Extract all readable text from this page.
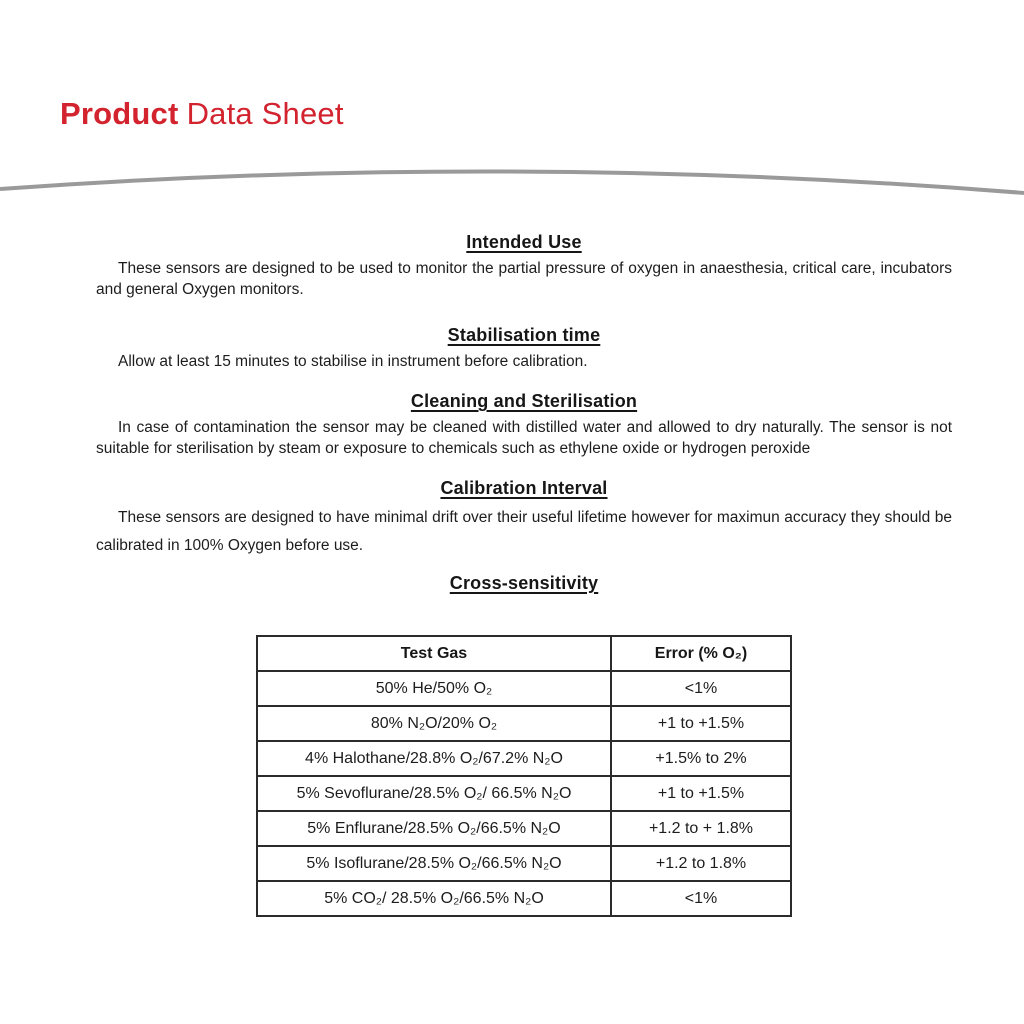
Product Data Sheet
Intended Use

These sensors are designed to be used to monitor the partial pressure of oxygen in anaesthesia, critical care, incubators and general Oxygen monitors.

Stabilisation time

Allow at least 15 minutes to stabilise in instrument before calibration.

Cleaning and Sterilisation

In case of contamination the sensor may be cleaned with distilled water and allowed to dry naturally. The sensor is not suitable for sterilisation by steam or exposure to chemicals such as ethylene oxide or hydrogen peroxide

Calibration Interval

These sensors are designed to have minimal drift over their useful lifetime however for maximun accuracy they should be calibrated in 100% Oxygen before use.

Cross-sensitivity
Test Gas	Error (% O₂)
50% He/50% O₂	<1%
80% N₂O/20% O₂	+1 to +1.5%
4% Halothane/28.8% O₂/67.2% N₂O	+1.5% to 2%
5% Sevoflurane/28.5% O₂/ 66.5% N₂O	+1 to +1.5%
5% Enflurane/28.5% O₂/66.5% N₂O	+1.2 to + 1.8%
5% Isoflurane/28.5% O₂/66.5% N₂O	+1.2 to 1.8%
5% CO₂/ 28.5% O₂/66.5% N₂O	<1%
